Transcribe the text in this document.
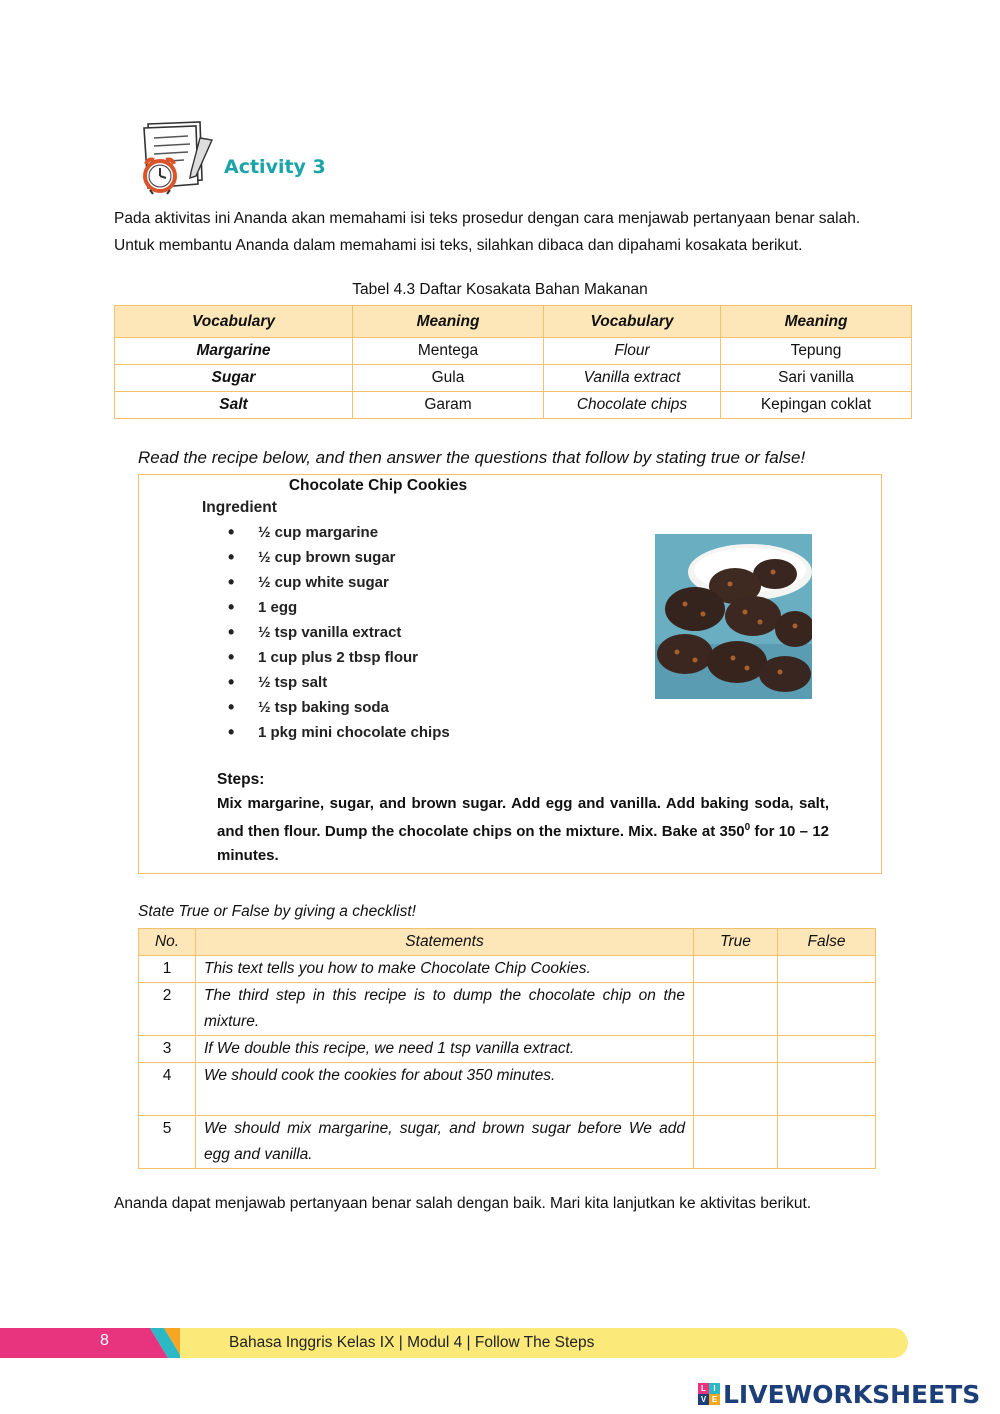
Activity 3
Pada aktivitas ini Ananda akan memahami isi teks prosedur dengan cara menjawab pertanyaan benar salah.
Untuk membantu Ananda dalam memahami isi teks, silahkan dibaca dan dipahami kosakata berikut.
Tabel 4.3 Daftar Kosakata Bahan Makanan
Vocabulary	Meaning	Vocabulary	Meaning
Margarine	Mentega	Flour	Tepung
Sugar	Gula	Vanilla extract	Sari vanilla
Salt	Garam	Chocolate chips	Kepingan coklat
Read the recipe below, and then answer the questions that follow by stating true or false!
Chocolate Chip Cookies
Ingredient
• ½ cup margarine
• ½ cup brown sugar
• ½ cup white sugar
• 1 egg
• ½ tsp vanilla extract
• 1 cup plus 2 tbsp flour
• ½ tsp salt
• ½ tsp baking soda
• 1 pkg mini chocolate chips
Steps:
Mix margarine, sugar, and brown sugar. Add egg and vanilla. Add baking soda, salt, and then flour. Dump the chocolate chips on the mixture. Mix. Bake at $350^0$ for 10 – 12 minutes.
State True or False by giving a checklist!
No.	Statements	True	False
1	This text tells you how to make Chocolate Chip Cookies.		
2	The third step in this recipe is to dump the chocolate chip on the mixture.		
3	If We double this recipe, we need 1 tsp vanilla extract.		
4	We should cook the cookies for about 350 minutes.		
5	We should mix margarine, sugar, and brown sugar before We add egg and vanilla.		
Ananda dapat menjawab pertanyaan benar salah dengan baik. Mari kita lanjutkan ke aktivitas berikut.
8	Bahasa Inggris Kelas IX | Modul 4 | Follow The Steps
L I
V E LIVEWORKSHEETS
